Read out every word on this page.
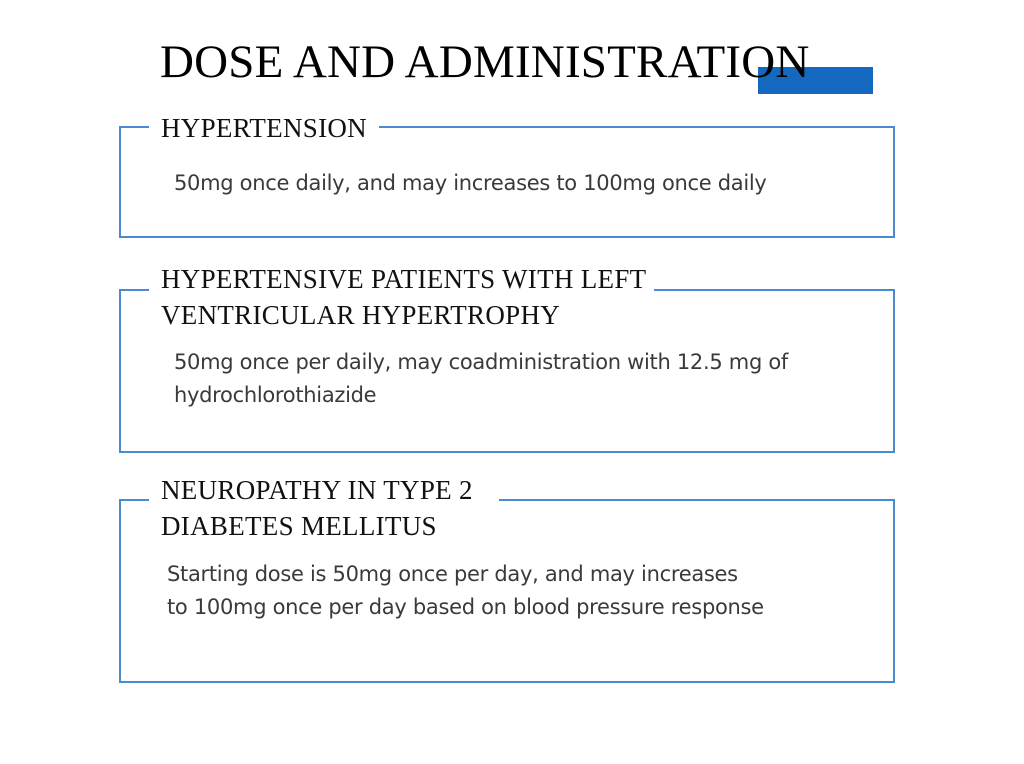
DOSE AND ADMINISTRATION
HYPERTENSION
50mg once daily, and may increases to 100mg once daily
HYPERTENSIVE PATIENTS WITH LEFT
VENTRICULAR HYPERTROPHY
50mg once per daily, may coadministration with 12.5 mg of
hydrochlorothiazide
NEUROPATHY IN TYPE 2
DIABETES MELLITUS
Starting dose is 50mg once per day, and may increases
to 100mg once per day based on blood pressure response
